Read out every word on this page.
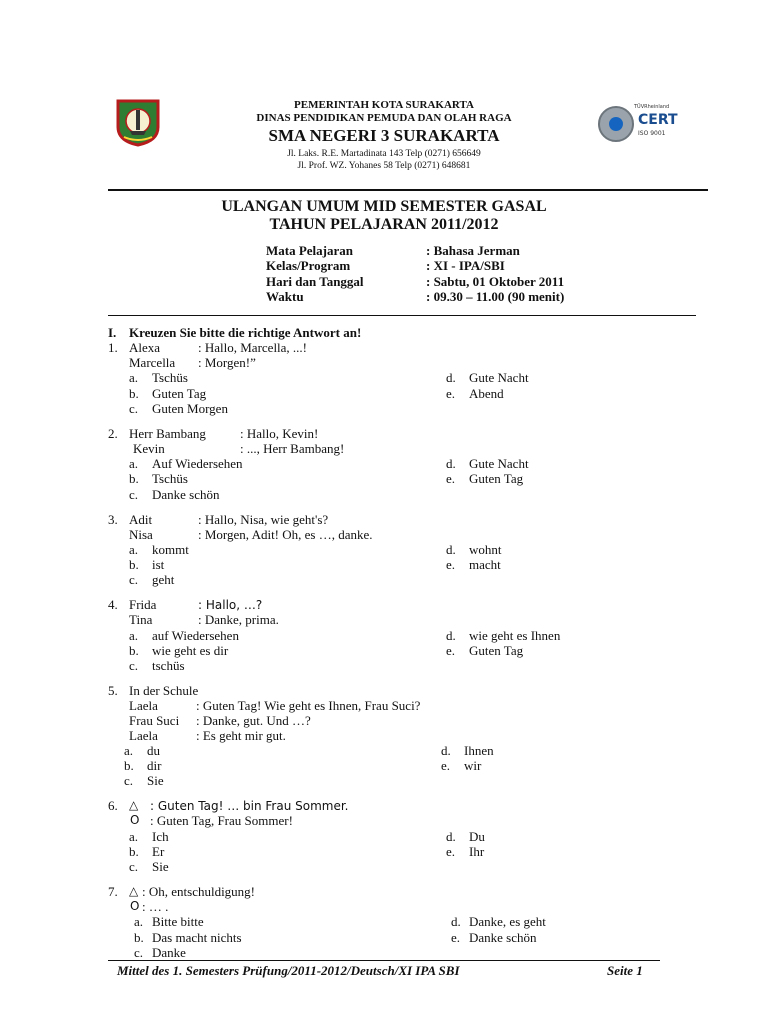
PEMERINTAH KOTA SURAKARTA
DINAS PENDIDIKAN PEMUDA DAN OLAH RAGA
SMA NEGERI 3 SURAKARTA
Jl. Laks. R.E. Martadinata 143 Telp (0271) 656649
Jl. Prof. WZ. Yohanes 58 Telp (0271) 648681
TÜVRheinland
CERT
ISO 9001
ULANGAN UMUM MID SEMESTER GASAL
TAHUN PELAJARAN 2011/2012
Mata Pelajaran	: Bahasa Jerman
Kelas/Program	: XI - IPA/SBI
Hari dan Tanggal	: Sabtu, 01 Oktober 2011
Waktu	: 09.30 – 11.00 (90 menit)
I. Kreuzen Sie bitte die richtige Antwort an!
1. Alexa	: Hallo, Marcella, ...!
Marcella : Morgen!”
a. Tschüs
b. Guten Tag
c. Guten Morgen
d. Gute Nacht
e. Abend
2. Herr Bambang	: Hallo, Kevin!
Kevin	: ..., Herr Bambang!
a. Auf Wiedersehen
b. Tschüs
c. Danke schön
d. Gute Nacht
e. Guten Tag
3. Adit	: Hallo, Nisa, wie geht's?
Nisa	: Morgen, Adit! Oh, es …, danke.
a. kommt
b. ist
c. geht
d. wohnt
e. macht
4. Frida	: Hallo, …?
Tina	: Danke, prima.
a. auf Wiedersehen
b. wie geht es dir
c. tschüs
d. wie geht es Ihnen
e. Guten Tag
5. In der Schule
Laela	: Guten Tag! Wie geht es Ihnen, Frau Suci?
Frau Suci : Danke, gut. Und …?
Laela	: Es geht mir gut.
a. du
b. dir
c. Sie
d. Ihnen
e. wir
6. △ : Guten Tag! … bin Frau Sommer.
O : Guten Tag, Frau Sommer!
a. Ich
b. Er
c. Sie
d. Du
e. Ihr
7. △ : Oh, entschuldigung!
O : … .
a. Bitte bitte
b. Das macht nichts
c. Danke
d. Danke, es geht
e. Danke schön
Mittel des 1. Semesters Prüfung/2011-2012/Deutsch/XI IPA SBI	Seite 1
